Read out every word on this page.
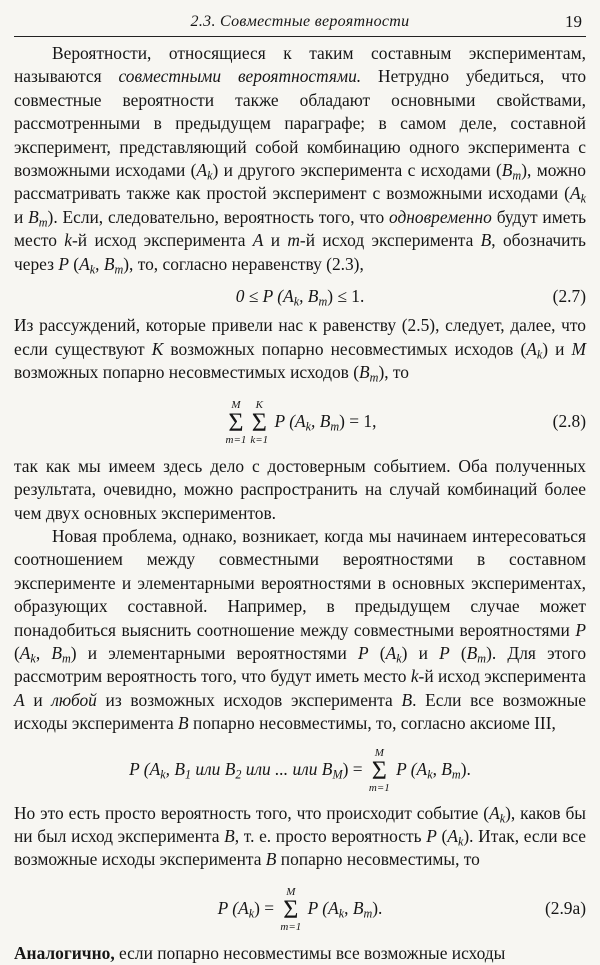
2.3. Совместные вероятности	19

Вероятности, относящиеся к таким составным экспериментам, называются совместными вероятностями. Нетрудно убедиться, что совместные вероятности также обладают основными свойствами, рассмотренными в предыдущем параграфе; в самом деле, составной эксперимент, представляющий собой комбинацию одного эксперимента с возможными исходами $(A_k)$ и другого эксперимента с исходами $(B_m)$, можно рассматривать также как простой эксперимент с возможными исходами ($A_k$ и $B_m$). Если, следовательно, вероятность того, что одновременно будут иметь место k-й исход эксперимента A и m-й исход эксперимента B, обозначить через P ($A_k$, $B_m$), то, согласно неравенству (2.3),

0 ≤ P ($A_k$, $B_m) \le 1$.	(2.7)

Из рассуждений, которые привели нас к равенству (2.5), следует, далее, что если существуют K возможных попарно несовместимых исходов $(A_k)$ и M возможных попарно несовместимых исходов $(B_m)$, то

M
Σ
m=1
K
Σ
k=1
P ($A_k$, $B_m) = 1$,	(2.8)

так как мы имеем здесь дело с достоверным событием. Оба полученных результата, очевидно, можно распространить на случай комбинаций более чем двух основных экспериментов.

Новая проблема, однако, возникает, когда мы начинаем интересоваться соотношением между совместными вероятностями в составном эксперименте и элементарными вероятностями в основных экспериментах, образующих составной. Например, в предыдущем случае может понадобиться выяснить соотношение между совместными вероятностями P ($A_k$, $B_m$) и элементарными вероятностями P $(A_k)$ и P $(B_m)$. Для этого рассмотрим вероятность того, что будут иметь место k-й исход эксперимента A и любой из возможных исходов эксперимента B. Если все возможные исходы эксперимента B попарно несовместимы, то, согласно аксиоме III,

P ($A_k$, $B_1$ или $B_2$ или ... или $B_M$) =
M
Σ
m=1
P ($A_k$, $B_m$).

Но это есть просто вероятность того, что происходит событие $(A_k)$, каков бы ни был исход эксперимента B, т. е. просто вероятность P $(A_k)$. Итак, если все возможные исходы эксперимента B попарно несовместимы, то

P $(A_k)$ =
M
Σ
m=1
P ($A_k$, $B_m$).	(2.9a)

Аналогично, если попарно несовместимы все возможные исходы
